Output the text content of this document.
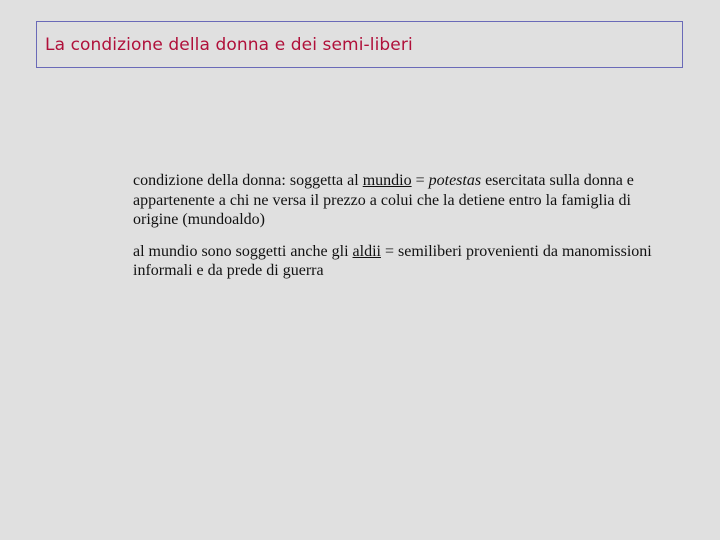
La condizione della donna e dei semi-liberi

condizione della donna: soggetta al mundio = potestas esercitata sulla donna e appartenente a chi ne versa il prezzo a colui che la detiene entro la famiglia di origine (mundoaldo)

al mundio sono soggetti anche gli aldii = semiliberi provenienti da manomissioni informali e da prede di guerra
